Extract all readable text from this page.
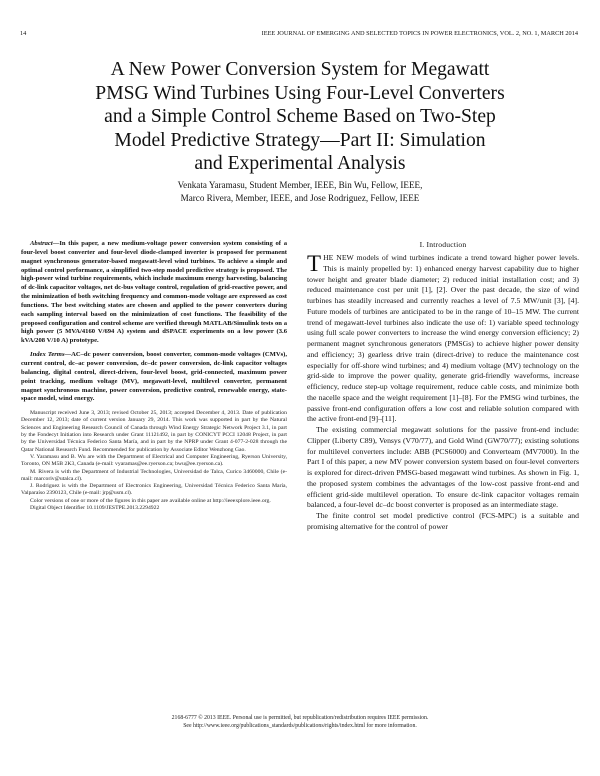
14	IEEE JOURNAL OF EMERGING AND SELECTED TOPICS IN POWER ELECTRONICS, VOL. 2, NO. 1, MARCH 2014
A New Power Conversion System for Megawatt
PMSG Wind Turbines Using Four-Level Converters
and a Simple Control Scheme Based on Two-Step
Model Predictive Strategy—Part II: Simulation
and Experimental Analysis
Venkata Yaramasu, Student Member, IEEE, Bin Wu, Fellow, IEEE,
Marco Rivera, Member, IEEE, and Jose Rodriguez, Fellow, IEEE

Abstract—In this paper, a new medium-voltage power conversion system consisting of a four-level boost converter and four-level diode-clamped inverter is proposed for permanent magnet synchronous generator-based megawatt-level wind turbines. To achieve a simple and optimal control performance, a simplified two-step model predictive strategy is proposed. The high-power wind turbine requirements, which include maximum energy harvesting, balancing of dc-link capacitor voltages, net dc-bus voltage control, regulation of grid-reactive power, and the minimization of both switching frequency and common-mode voltage are expressed as cost functions. The best switching states are chosen and applied to the power converters during each sampling interval based on the minimization of cost functions. The feasibility of the proposed configuration and control scheme are verified through MATLAB/Simulink tests on a high power (5 MVA/4160 V/694 A) system and dSPACE experiments on a low power (3.6 kVA/208 V/10 A) prototype.

Index Terms—AC–dc power conversion, boost converter, common-mode voltages (CMVs), current control, dc–ac power conversion, dc–dc power conversion, dc-link capacitor voltages balancing, digital control, direct-driven, four-level boost, grid-connected, maximum power point tracking, medium voltage (MV), megawatt-level, multilevel converter, permanent magnet synchronous machine, power conversion, predictive control, renewable energy, state-space model, wind energy.

Manuscript received June 3, 2013; revised October 25, 2013; accepted December 4, 2013. Date of publication December 12, 2013; date of current version January 29, 2014. This work was supported in part by the Natural Sciences and Engineering Research Council of Canada through Wind Energy Strategic Network Project 3.1, in part by the Fondecyt Initiation into Research under Grant 11121492, in part by CONICYT PCCI 12048 Project, in part by the Universidad Técnica Federico Santa María, and in part by the NPRP under Grant 4-077-2-028 through the Qatar National Research Fund. Recommended for publication by Associate Editor Wenzhong Gao.

V. Yaramasu and B. Wu are with the Department of Electrical and Computer Engineering, Ryerson University, Toronto, ON M5B 2K3, Canada (e-mail: vyaramas@ee.ryerson.ca; bwu@ee.ryerson.ca).

M. Rivera is with the Department of Industrial Technologies, Universidad de Talca, Curico 3460000, Chile (e-mail: marcoriv@utalca.cl).

J. Rodriguez is with the Department of Electronics Engineering, Universidad Técnica Federico Santa María, Valparaíso 2390123, Chile (e-mail: jrp@usm.cl).

Color versions of one or more of the figures in this paper are available online at http://ieeexplore.ieee.org.

Digital Object Identifier 10.1109/JESTPE.2013.2294922

I. Introduction

THE NEW models of wind turbines indicate a trend toward higher power levels. This is mainly propelled by: 1) enhanced energy harvest capability due to higher tower height and greater blade diameter; 2) reduced initial installation cost; and 3) reduced maintenance cost per unit [1], [2]. Over the past decade, the size of wind turbines has steadily increased and currently reaches a level of 7.5 MW/unit [3], [4]. Future models of turbines are anticipated to be in the range of 10–15 MW. The current trend of megawatt-level turbines also indicate the use of: 1) variable speed technology using full scale power converters to increase the wind energy conversion efficiency; 2) permanent magnet synchronous generators (PMSGs) to achieve higher power density and efficiency; 3) gearless drive train (direct-drive) to reduce the maintenance cost especially for off-shore wind turbines; and 4) medium voltage (MV) technology on the grid-side to improve the power quality, generate grid-friendly waveforms, increase efficiency, reduce step-up voltage requirement, reduce cable costs, and minimize both the nacelle space and the weight requirement [1]–[8]. For the PMSG wind turbines, the passive front-end configuration offers a low cost and reliable solution compared with the active front-end [9]–[11].

The existing commercial megawatt solutions for the passive front-end include: Clipper (Liberty C89), Vensys (V70/77), and Gold Wind (GW70/77); existing solutions for multilevel converters include: ABB (PCS6000) and Converteam (MV7000). In the Part I of this paper, a new MV power conversion system based on four-level converters is explored for direct-driven PMSG-based megawatt wind turbines. As shown in Fig. 1, the proposed system combines the advantages of the low-cost passive front-end and efficient grid-side multilevel operation. To ensure dc-link capacitor voltages remain balanced, a four-level dc–dc boost converter is proposed as an intermediate stage.

The finite control set model predictive control (FCS-MPC) is a suitable and promising alternative for the control of power

2168-6777 © 2013 IEEE. Personal use is permitted, but republication/redistribution requires IEEE permission.
See http://www.ieee.org/publications_standards/publications/rights/index.html for more information.
